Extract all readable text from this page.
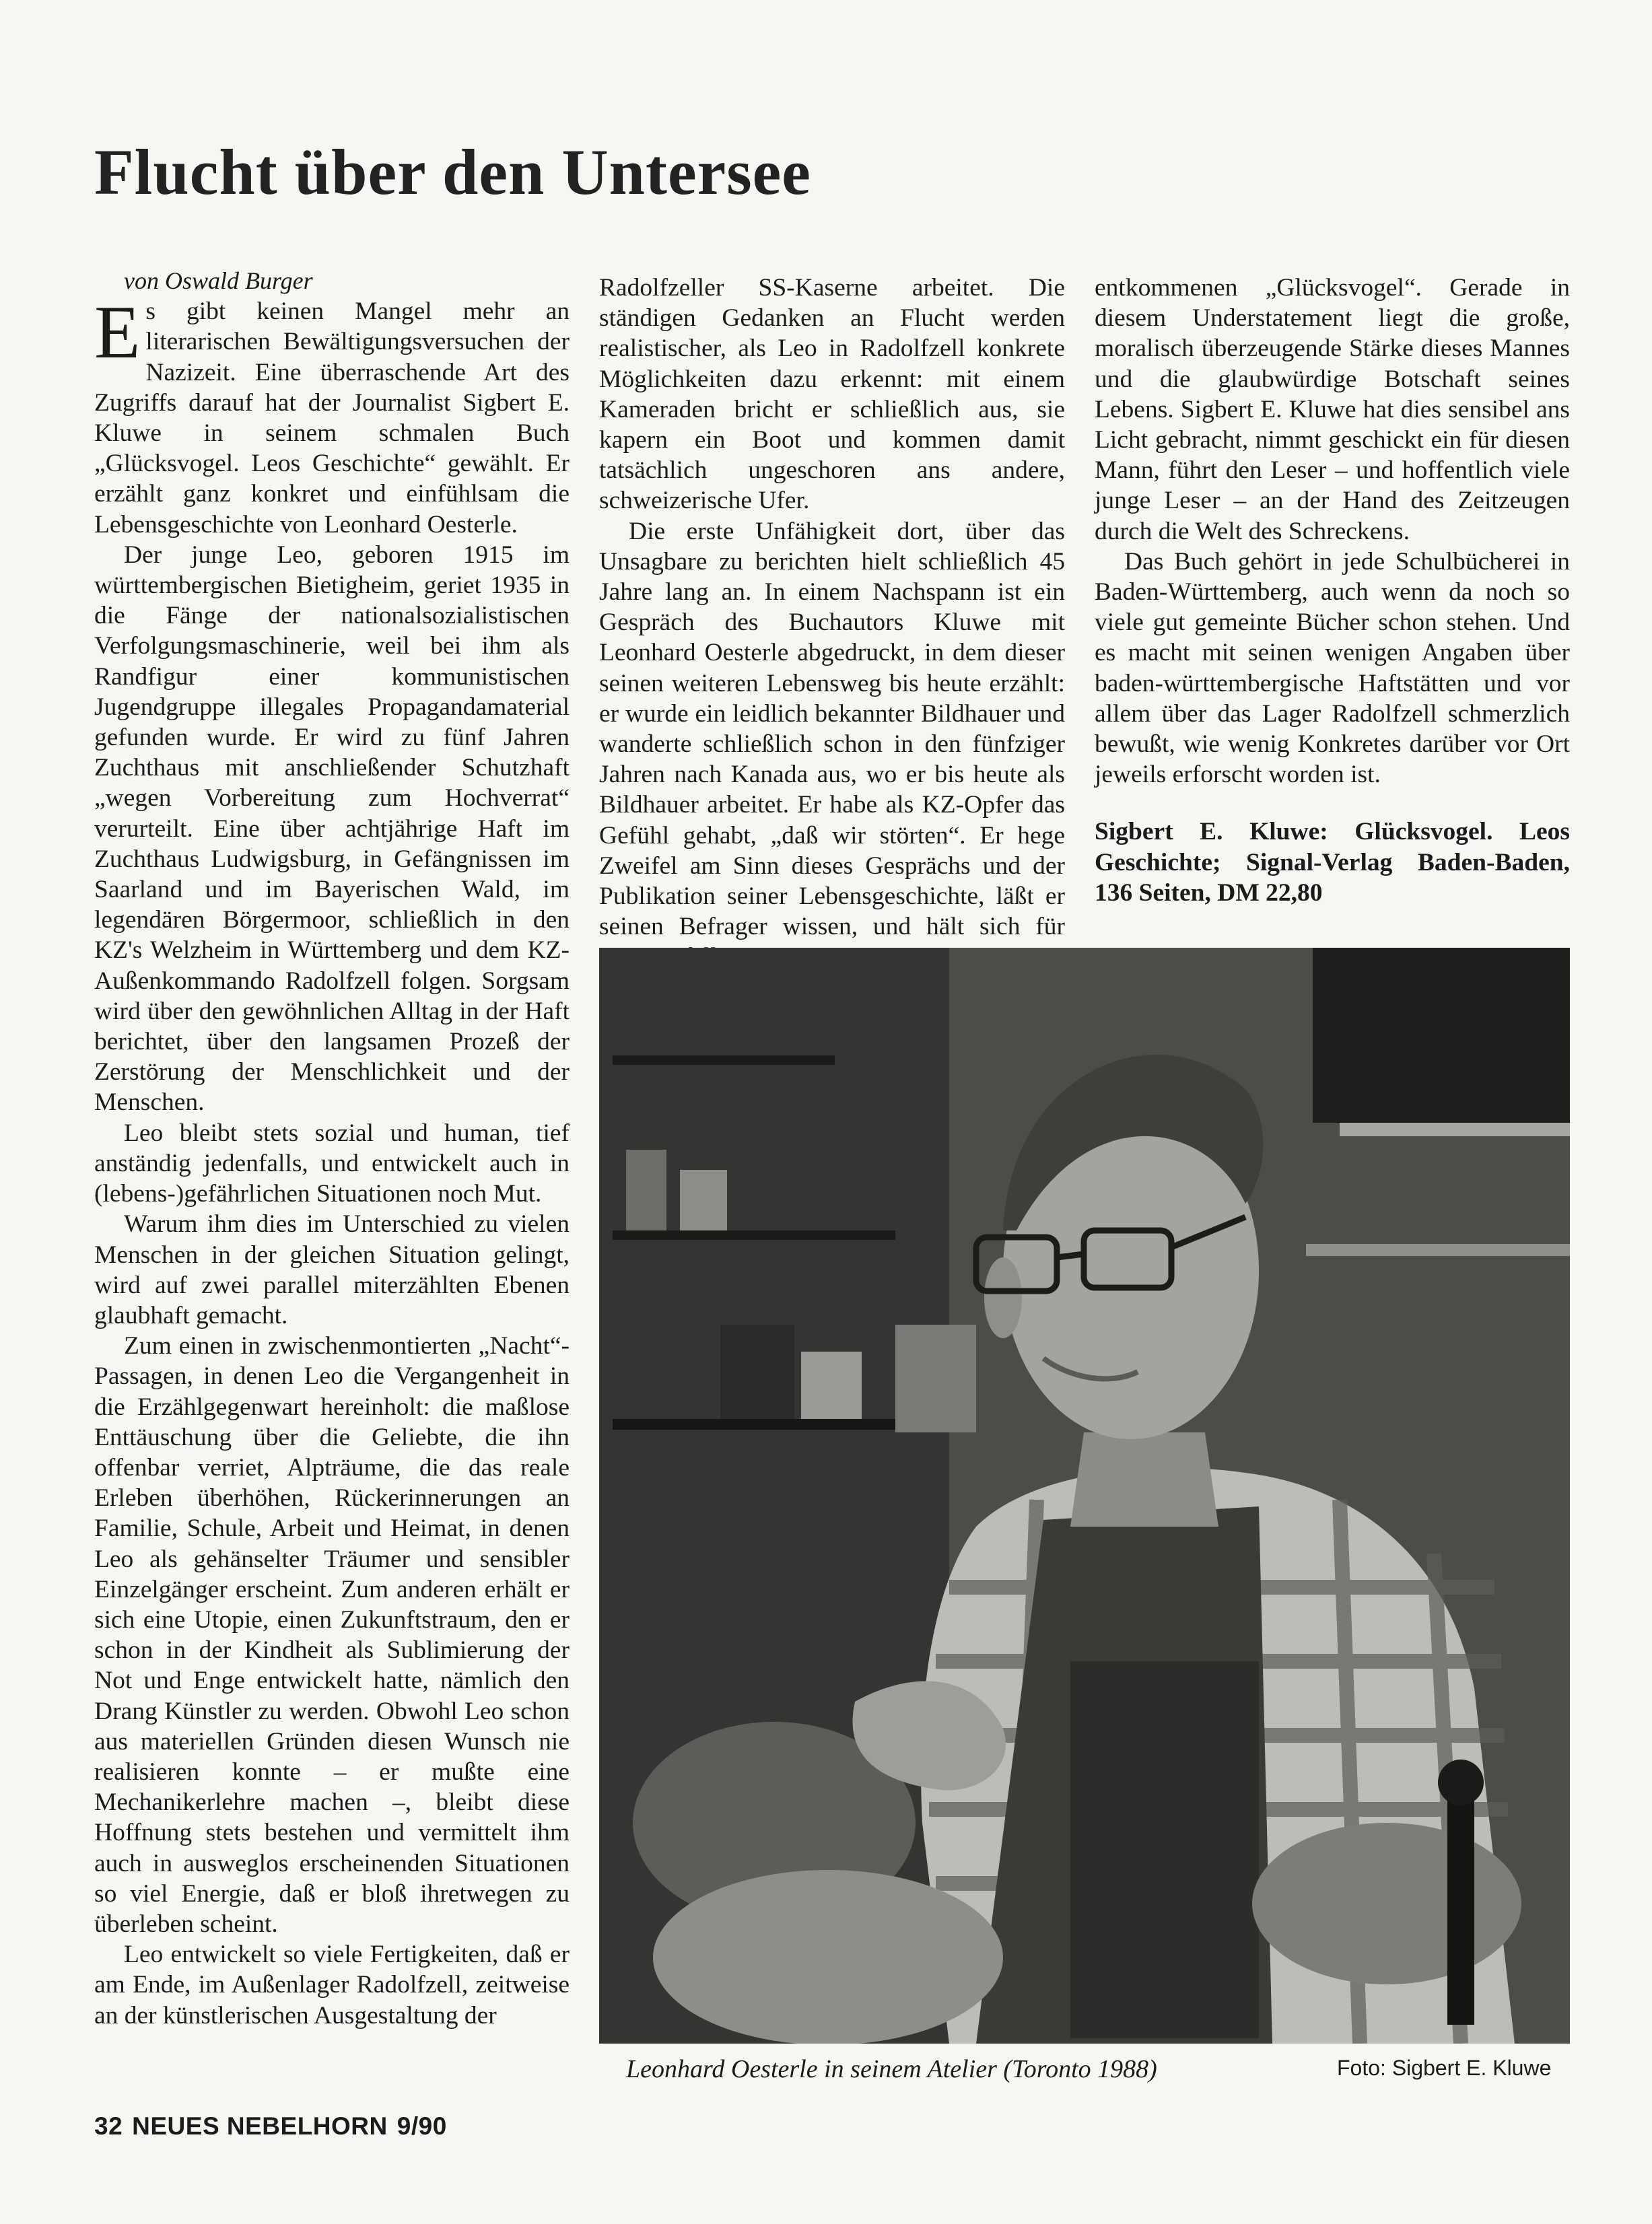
Flucht über den Untersee

von Oswald Burger

Es gibt keinen Mangel mehr an literarischen Bewältigungsversuchen der Nazizeit. Eine überraschende Art des Zugriffs darauf hat der Journalist Sigbert E. Kluwe in seinem schmalen Buch „Glücksvogel. Leos Geschichte“ gewählt. Er erzählt ganz konkret und einfühlsam die Lebensgeschichte von Leonhard Oesterle.

Der junge Leo, geboren 1915 im württembergischen Bietigheim, geriet 1935 in die Fänge der nationalsozialistischen Verfolgungsmaschinerie, weil bei ihm als Randfigur einer kommunistischen Jugendgruppe illegales Propagandamaterial gefunden wurde. Er wird zu fünf Jahren Zuchthaus mit anschließender Schutzhaft „wegen Vorbereitung zum Hochverrat“ verurteilt. Eine über achtjährige Haft im Zuchthaus Ludwigsburg, in Gefängnissen im Saarland und im Bayerischen Wald, im legendären Börgermoor, schließlich in den KZ's Welzheim in Württemberg und dem KZ-Außenkommando Radolfzell folgen. Sorgsam wird über den gewöhnlichen Alltag in der Haft berichtet, über den langsamen Prozeß der Zerstörung der Menschlichkeit und der Menschen.

Leo bleibt stets sozial und human, tief anständig jedenfalls, und entwickelt auch in (lebens-)gefährlichen Situationen noch Mut.

Warum ihm dies im Unterschied zu vielen Menschen in der gleichen Situation gelingt, wird auf zwei parallel miterzählten Ebenen glaubhaft gemacht.

Zum einen in zwischenmontierten „Nacht“-Passagen, in denen Leo die Vergangenheit in die Erzählgegenwart hereinholt: die maßlose Enttäuschung über die Geliebte, die ihn offenbar verriet, Alpträume, die das reale Erleben überhöhen, Rückerinnerungen an Familie, Schule, Arbeit und Heimat, in denen Leo als gehänselter Träumer und sensibler Einzelgänger erscheint. Zum anderen erhält er sich eine Utopie, einen Zukunftstraum, den er schon in der Kindheit als Sublimierung der Not und Enge entwickelt hatte, nämlich den Drang Künstler zu werden. Obwohl Leo schon aus materiellen Gründen diesen Wunsch nie realisieren konnte – er mußte eine Mechanikerlehre machen –, bleibt diese Hoffnung stets bestehen und vermittelt ihm auch in ausweglos erscheinenden Situationen so viel Energie, daß er bloß ihretwegen zu überleben scheint.

Leo entwickelt so viele Fertigkeiten, daß er am Ende, im Außenlager Radolfzell, zeitweise an der künstlerischen Ausgestaltung der

Radolfzeller SS-Kaserne arbeitet. Die ständigen Gedanken an Flucht werden realistischer, als Leo in Radolfzell konkrete Möglichkeiten dazu erkennt: mit einem Kameraden bricht er schließlich aus, sie kapern ein Boot und kommen damit tatsächlich ungeschoren ans andere, schweizerische Ufer.

Die erste Unfähigkeit dort, über das Unsagbare zu berichten hielt schließlich 45 Jahre lang an. In einem Nachspann ist ein Gespräch des Buchautors Kluwe mit Leonhard Oesterle abgedruckt, in dem dieser seinen weiteren Lebensweg bis heute erzählt: er wurde ein leidlich bekannter Bildhauer und wanderte schließlich schon in den fünfziger Jahren nach Kanada aus, wo er bis heute als Bildhauer arbeitet. Er habe als KZ-Opfer das Gefühl gehabt, „daß wir störten“. Er hege Zweifel am Sinn dieses Gesprächs und der Publikation seiner Lebensgeschichte, läßt er seinen Befrager wissen, und hält sich für

entkommenen „Glücksvogel“. Gerade in diesem Understatement liegt die große, moralisch überzeugende Stärke dieses Mannes und die glaubwürdige Botschaft seines Lebens. Sigbert E. Kluwe hat dies sensibel ans Licht gebracht, nimmt geschickt ein für diesen Mann, führt den Leser – und hoffentlich viele junge Leser – an der Hand des Zeitzeugen durch die Welt des Schreckens.

Das Buch gehört in jede Schulbücherei in Baden-Württemberg, auch wenn da noch so viele gut gemeinte Bücher schon stehen. Und es macht mit seinen wenigen Angaben über baden-württembergische Haftstätten und vor allem über das Lager Radolfzell schmerzlich bewußt, wie wenig Konkretes darüber vor Ort jeweils erforscht worden ist.

Sigbert E. Kluwe: Glücksvogel. Leos Geschichte; Signal-Verlag Baden-Baden, 136 Seiten, DM 22,80

Leonhard Oesterle in seinem Atelier (Toronto 1988)	Foto: Sigbert E. Kluwe

32 NEUES NEBELHORN 9/90
